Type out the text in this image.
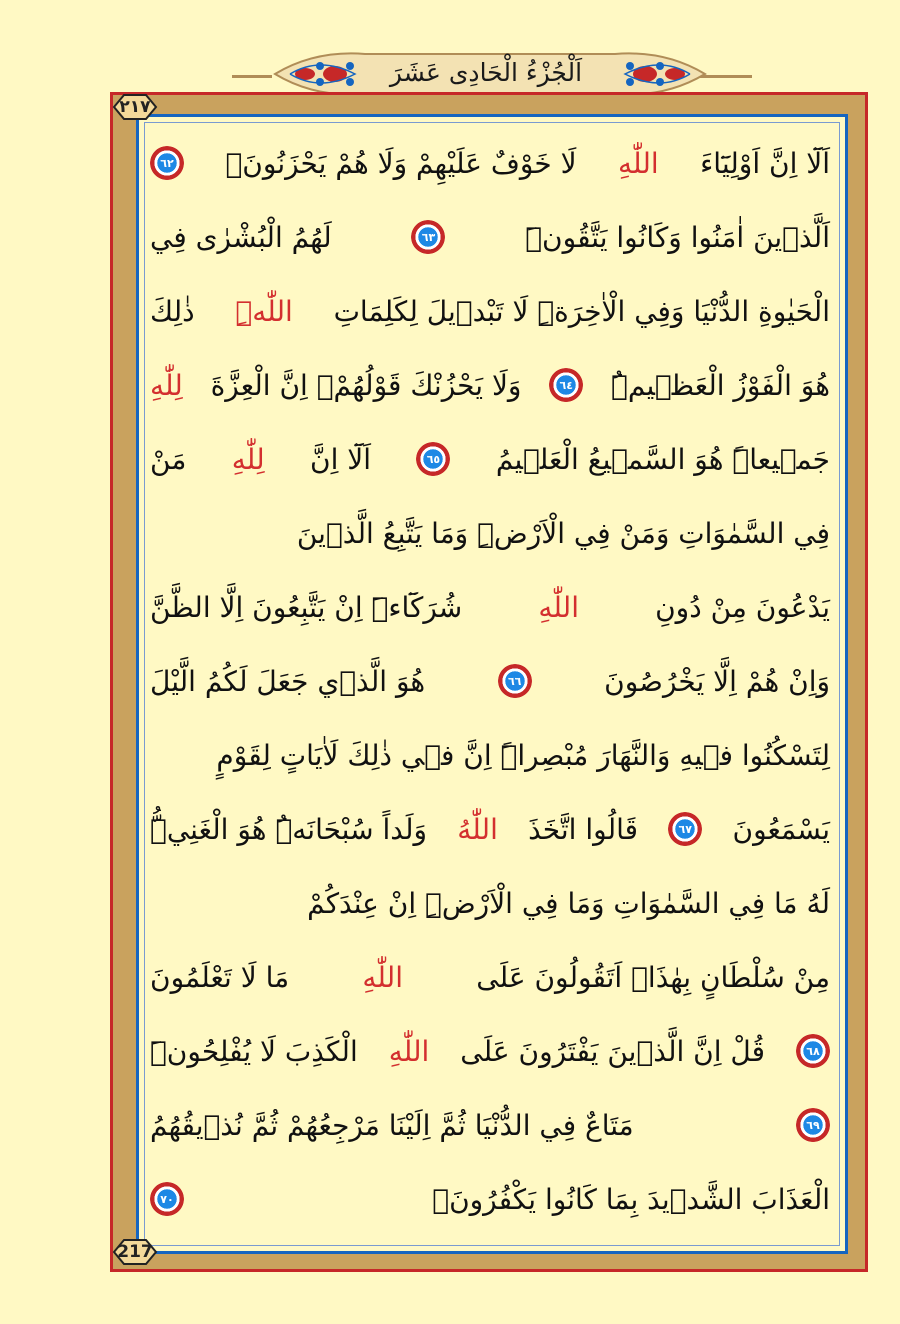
اَلْجُزْءُ الْحَادِى عَشَرَ
٢١٧
217
اَلَٓا اِنَّ اَوْلِيَٓاءَ
اللّٰهِ
لَا خَوْفٌ عَلَيْهِمْ وَلَا هُمْ يَحْزَنُونَۚ
٦٢
اَلَّذ۪ينَ اٰمَنُوا وَكَانُوا يَتَّقُونَۜ
٦٣
لَهُمُ الْبُشْرٰى فِي
الْحَيٰوةِ الدُّنْيَا وَفِي الْاٰخِرَةِۜ لَا تَبْد۪يلَ لِكَلِمَاتِ
اللّٰهِۜ
ذٰلِكَ
هُوَ الْفَوْزُ الْعَظ۪يمُۜ
٦٤
وَلَا يَحْزُنْكَ قَوْلُهُمْۘ اِنَّ الْعِزَّةَ
لِلّٰهِ
جَم۪يعاًۜ هُوَ السَّم۪يعُ الْعَل۪يمُ
٦٥
اَلَٓا اِنَّ
لِلّٰهِ
مَنْ
فِي السَّمٰوَاتِ وَمَنْ فِي الْاَرْضِۜ وَمَا يَتَّبِعُ الَّذ۪ينَ
يَدْعُونَ مِنْ دُونِ
اللّٰهِ
شُرَكَٓاءَۜ اِنْ يَتَّبِعُونَ اِلَّا الظَّنَّ
وَاِنْ هُمْ اِلَّا يَخْرُصُونَ
٦٦
هُوَ الَّذ۪ي جَعَلَ لَكُمُ الَّيْلَ
لِتَسْكُنُوا ف۪يهِ وَالنَّهَارَ مُبْصِراًۜ اِنَّ ف۪ي ذٰلِكَ لَاٰيَاتٍ لِقَوْمٍ
يَسْمَعُونَ
٦٧
قَالُوا اتَّخَذَ
اللّٰهُ
وَلَداً سُبْحَانَهُۜ هُوَ الْغَنِيُّۜ
لَهُ مَا فِي السَّمٰوَاتِ وَمَا فِي الْاَرْضِۜ اِنْ عِنْدَكُمْ
مِنْ سُلْطَانٍ بِهٰذَاۜ اَتَقُولُونَ عَلَى
اللّٰهِ
مَا لَا تَعْلَمُونَ
٦٨
قُلْ اِنَّ الَّذ۪ينَ يَفْتَرُونَ عَلَى
اللّٰهِ
الْكَذِبَ لَا يُفْلِحُونَۜ
٦٩
مَتَاعٌ فِي الدُّنْيَا ثُمَّ اِلَيْنَا مَرْجِعُهُمْ ثُمَّ نُذ۪يقُهُمُ
الْعَذَابَ الشَّد۪يدَ بِمَا كَانُوا يَكْفُرُونَۚ
٧٠
